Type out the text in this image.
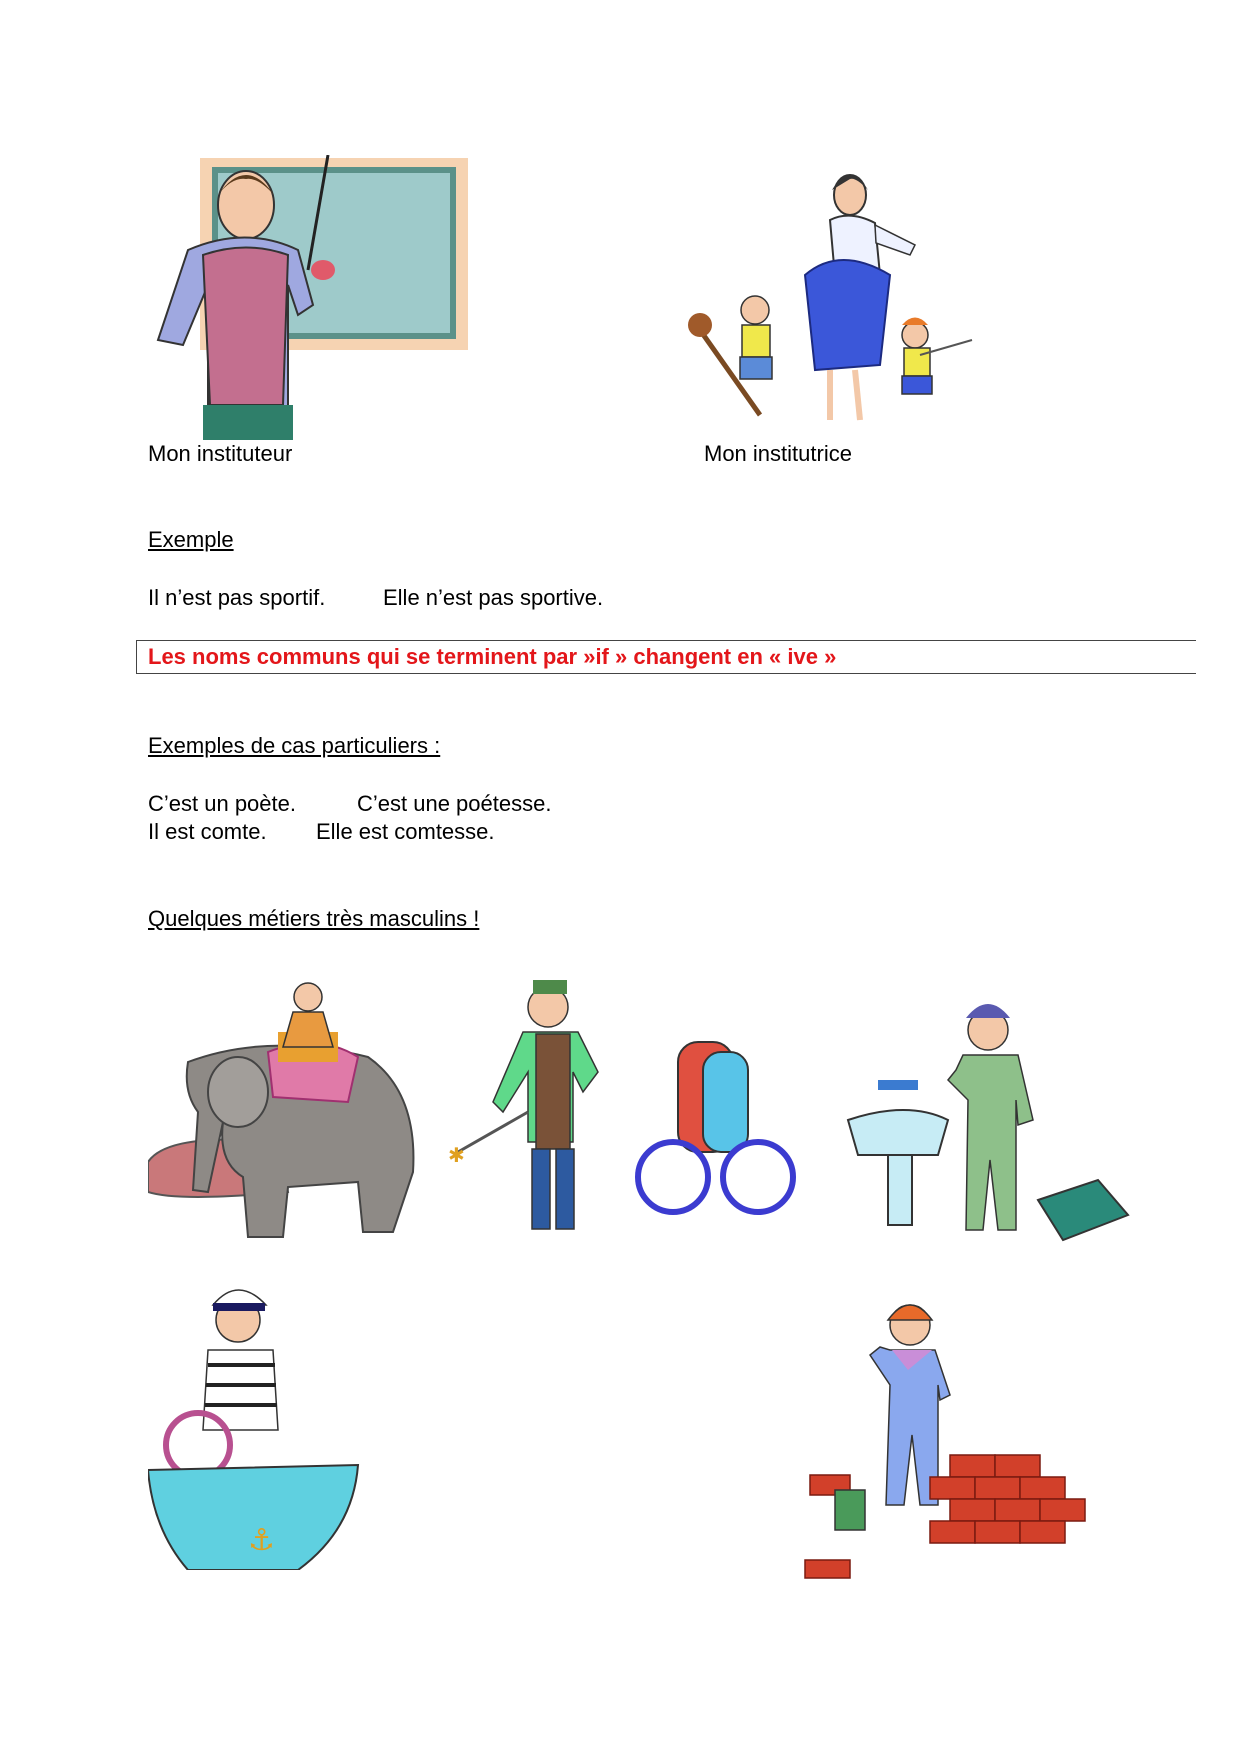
Mon instituteur	Mon institutrice
Exemple
Il n’est pas sportif.	Elle n’est pas sportive.
Les noms communs qui se terminent par »if » changent en « ive »
Exemples de cas particuliers :
C’est un poète.	C’est une poétesse.
Il est comte. Elle est comtesse.
Quelques métiers très masculins !
✱
⚓
